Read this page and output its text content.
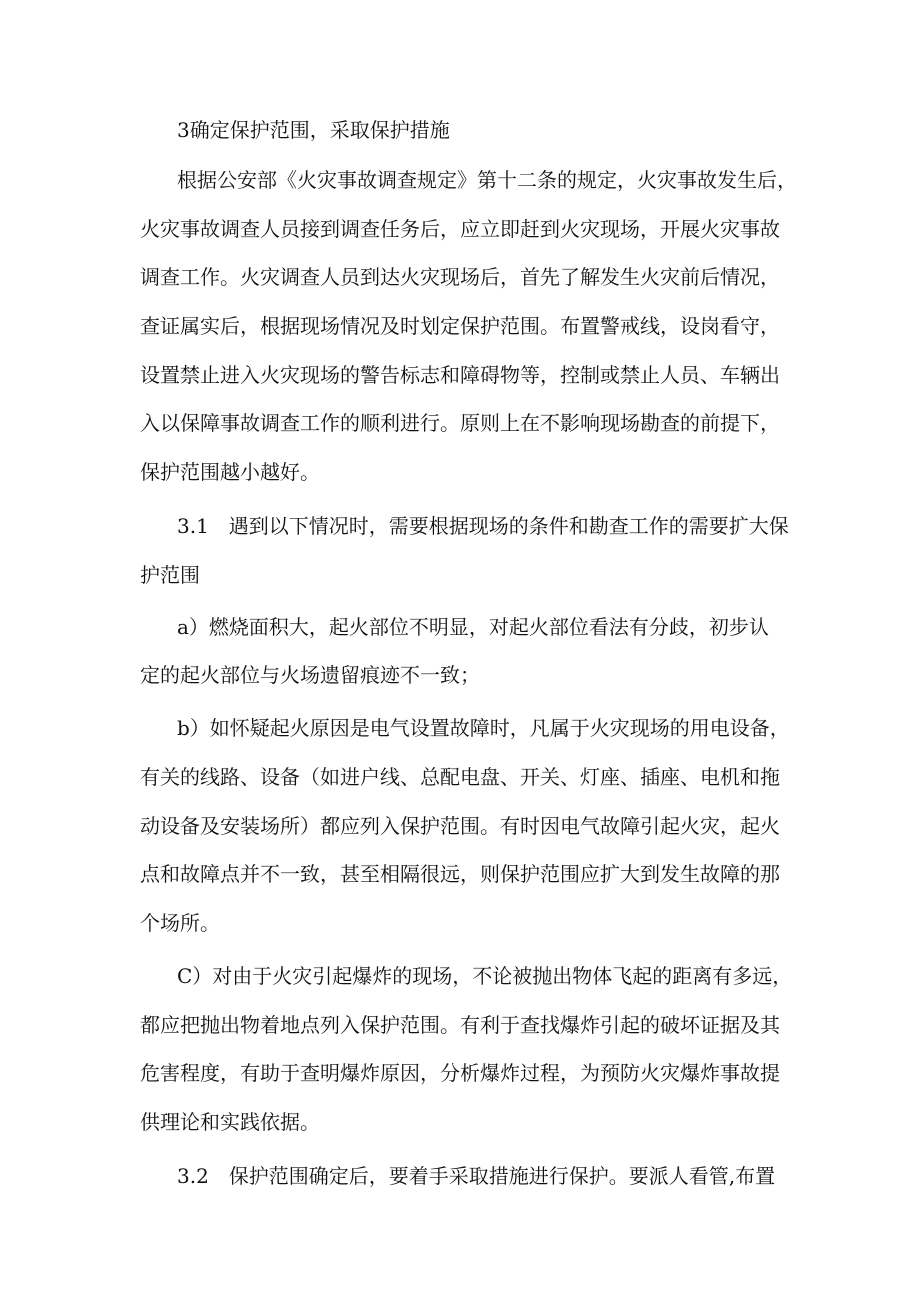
3确定保护范围，采取保护措施

根据公安部《火灾事故调查规定》第十二条的规定，火灾事故发生后，

火灾事故调查人员接到调查任务后，应立即赶到火灾现场，开展火灾事故

调查工作。火灾调查人员到达火灾现场后，首先了解发生火灾前后情况，

查证属实后，根据现场情况及时划定保护范围。布置警戒线，设岗看守，

设置禁止进入火灾现场的警告标志和障碍物等，控制或禁止人员、车辆出

入以保障事故调查工作的顺利进行。原则上在不影响现场勘查的前提下，

保护范围越小越好。

3.1　遇到以下情况时，需要根据现场的条件和勘查工作的需要扩大保

护范围

a）燃烧面积大，起火部位不明显，对起火部位看法有分歧，初步认

定的起火部位与火场遗留痕迹不一致；

b）如怀疑起火原因是电气设置故障时，凡属于火灾现场的用电设备，

有关的线路、设备（如进户线、总配电盘、开关、灯座、插座、电机和拖

动设备及安装场所）都应列入保护范围。有时因电气故障引起火灾，起火

点和故障点并不一致，甚至相隔很远，则保护范围应扩大到发生故障的那

个场所。

C）对由于火灾引起爆炸的现场，不论被抛出物体飞起的距离有多远，

都应把抛出物着地点列入保护范围。有利于查找爆炸引起的破坏证据及其

危害程度，有助于查明爆炸原因，分析爆炸过程，为预防火灾爆炸事故提

供理论和实践依据。

3.2　保护范围确定后，要着手采取措施进行保护。要派人看管,布置
